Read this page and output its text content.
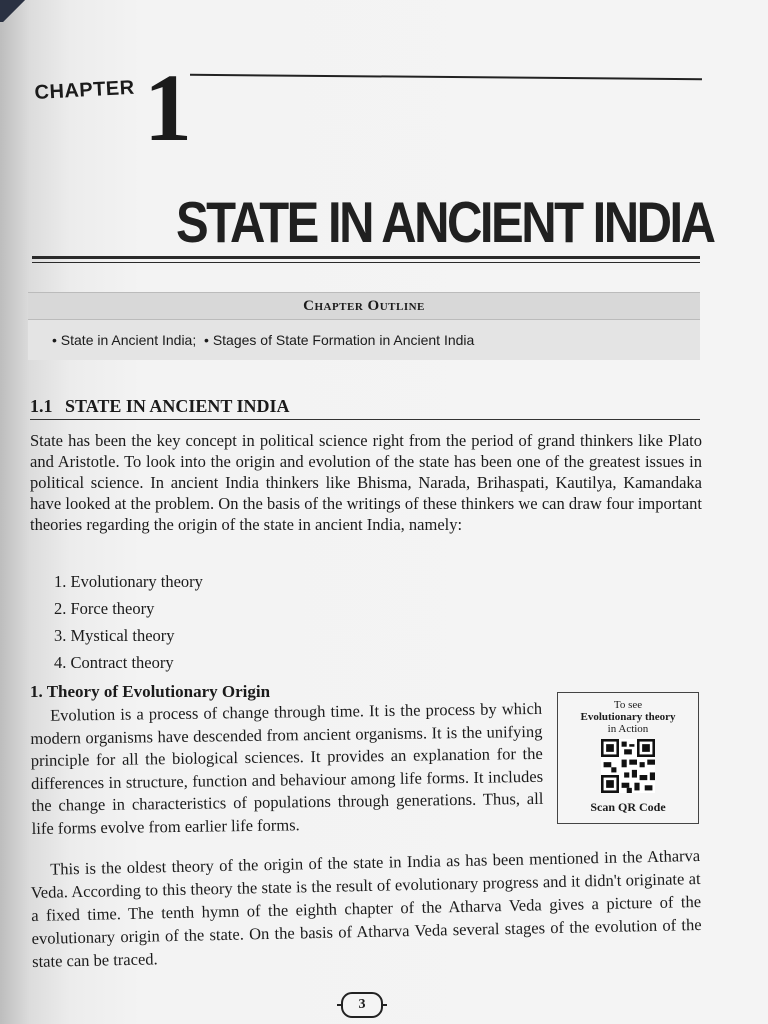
CHAPTER 1
STATE IN ANCIENT INDIA
Chapter Outline
• State in Ancient India;  • Stages of State Formation in Ancient India
1.1 STATE IN ANCIENT INDIA

State has been the key concept in political science right from the period of grand thinkers like Plato and Aristotle. To look into the origin and evolution of the state has been one of the greatest issues in political science. In ancient India thinkers like Bhisma, Narada, Brihaspati, Kautilya, Kamandaka have looked at the problem. On the basis of the writings of these thinkers we can draw four important theories regarding the origin of the state in ancient India, namely:

1. Evolutionary theory
2. Force theory
3. Mystical theory
4. Contract theory
1. Theory of Evolutionary Origin
Evolution is a process of change through time. It is the process by which modern organisms have descended from ancient organisms. It is the unifying principle for all the biological sciences. It provides an explanation for the differences in structure, function and behaviour among life forms. It includes the change in characteristics of populations through generations. Thus, all life forms evolve from earlier life forms.
To see
Evolutionary theory
in Action
Scan QR Code
This is the oldest theory of the origin of the state in India as has been mentioned in the Atharva Veda. According to this theory the state is the result of evolutionary progress and it didn't originate at a fixed time. The tenth hymn of the eighth chapter of the Atharva Veda gives a picture of the evolutionary origin of the state. On the basis of Atharva Veda several stages of the evolution of the state can be traced.
3
